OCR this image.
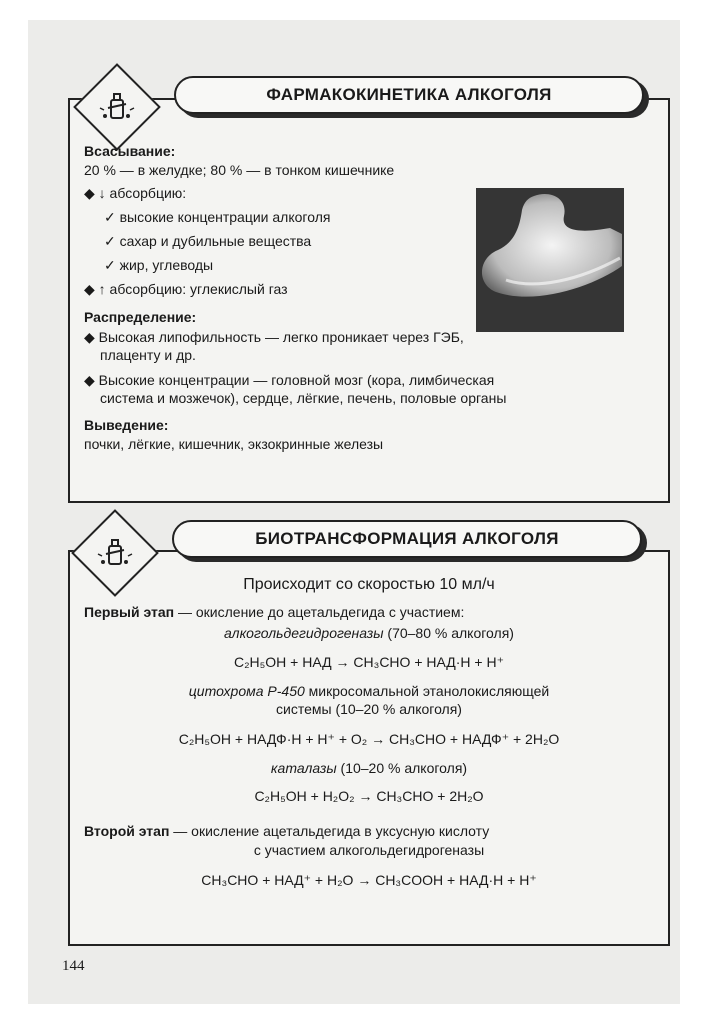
ФАРМАКОКИНЕТИКА АЛКОГОЛЯ
Всасывание:
20 % — в желудке; 80 % — в тонком кишечнике
◆ ↓ абсорбцию:
✓ высокие концентрации алкоголя
✓ сахар и дубильные вещества
✓ жир, углеводы
◆ ↑ абсорбцию: углекислый газ
Распределение:
◆ Высокая липофильность — легко проникает через ГЭБ,
плаценту и др.
◆ Высокие концентрации — головной мозг (кора, лимбическая
система и мозжечок), сердце, лёгкие, печень, половые органы
Выведение:
почки, лёгкие, кишечник, экзокринные железы
БИОТРАНСФОРМАЦИЯ АЛКОГОЛЯ
Происходит со скоростью 10 мл/ч
Первый этап — окисление до ацетальдегида с участием:
алкогольдегидрогеназы (70–80 % алкоголя)
C₂H₅OH + НАД → CH₃CHO + НАД·Н + Н⁺
цитохрома Р-450 микросомальной этанолокисляющей
системы (10–20 % алкоголя)
C₂H₅OH + НАДФ·Н + Н⁺ + О₂ → CH₃CHO + НАДФ⁺ + 2H₂O
каталазы (10–20 % алкоголя)
C₂H₅OH + H₂O₂ → CH₃CHO + 2H₂O
Второй этап — окисление ацетальдегида в уксусную кислоту
с участием алкогольдегидрогеназы
CH₃CHO + НАД⁺ + H₂O → CH₃COOH + НАД·Н + Н⁺
144
